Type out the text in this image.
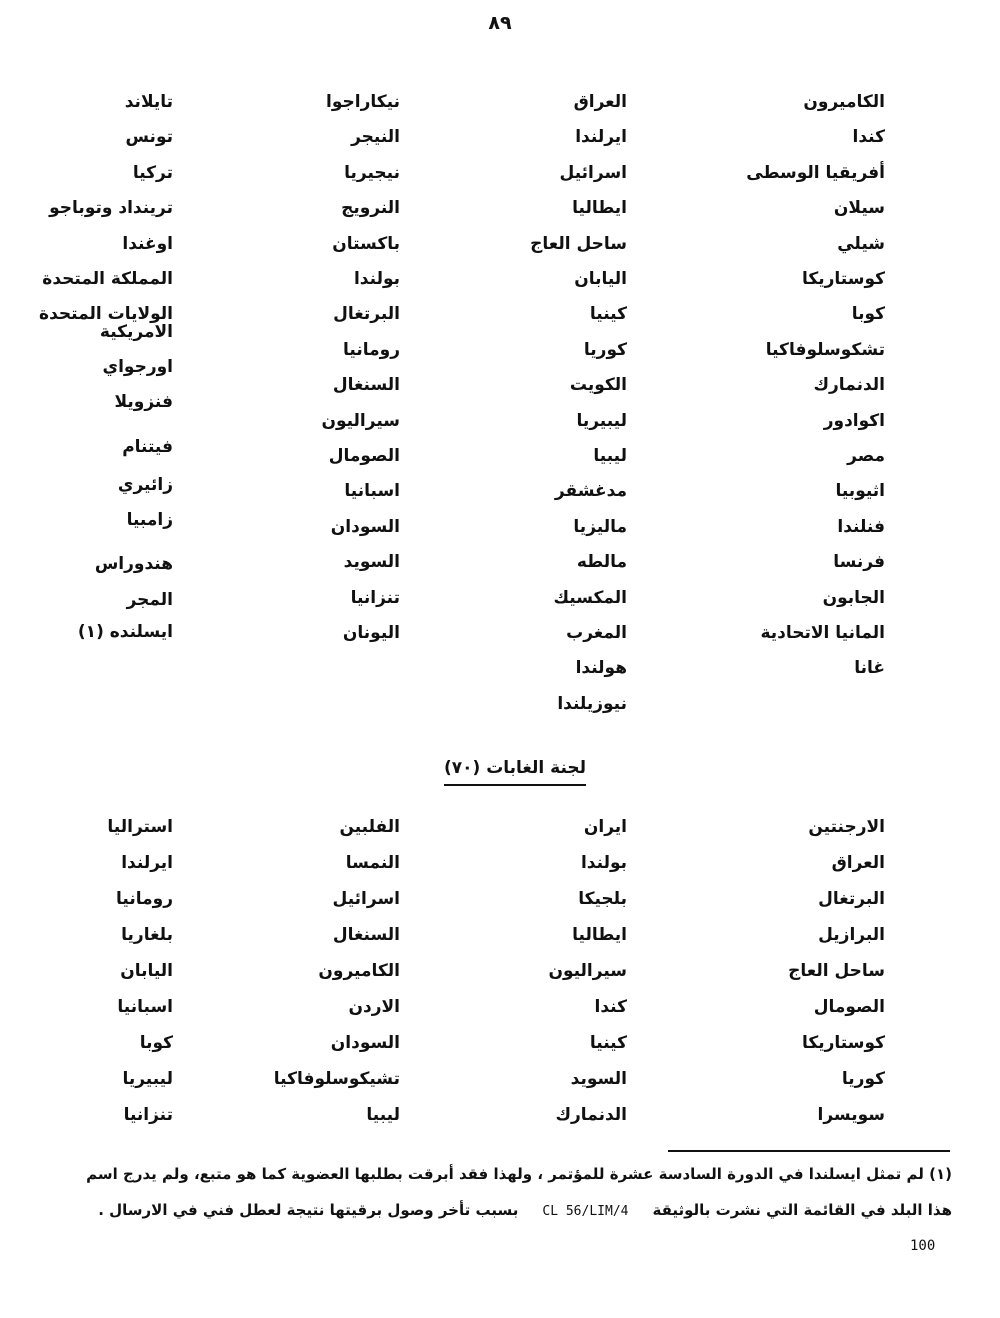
٨٩
الكاميرون
كندا
أفريقيا الوسطى
سيلان
شيلي
كوستاريكا
كوبا
تشكوسلوفاكيا
الدنمارك
اكوادور
مصر
اثيوبيا
فنلندا
فرنسا
الجابون
المانيا الاتحادية
غانا
العراق
ايرلندا
اسرائيل
ايطاليا
ساحل العاج
اليابان
كينيا
كوريا
الكويت
ليبيريا
ليبيا
مدغشقر
ماليزيا
مالطه
المكسيك
المغرب
هولندا
نيوزيلندا
نيكاراجوا
النيجر
نيجيريا
النرويج
باكستان
بولندا
البرتغال
رومانيا
السنغال
سيراليون
الصومال
اسبانيا
السودان
السويد
تنزانيا
اليونان
تايلاند
تونس
تركيا
ترينداد وتوباجو
اوغندا
المملكة المتحدة
الولايات المتحدة
الامريكية
اورجواي
فنزويلا
فيتنام
زائيري
زامبيا
هندوراس
المجر
ايسلنده (١)
لجنة الغابات (٧٠)
الارجنتين
العراق
البرتغال
البرازيل
ساحل العاج
الصومال
كوستاريكا
كوريا
سويسرا
ايران
بولندا
بلجيكا
ايطاليا
سيراليون
كندا
كينيا
السويد
الدنمارك
الفلبين
النمسا
اسرائيل
السنغال
الكاميرون
الاردن
السودان
تشيكوسلوفاكيا
ليبيا
استراليا
ايرلندا
رومانيا
بلغاريا
اليابان
اسبانيا
كوبا
ليبيريا
تنزانيا
(١) لم تمثل ايسلندا في الدورة السادسة عشرة للمؤتمر ، ولهذا فقد أبرقت بطلبها العضوية كما هو متبع، ولم يدرج اسم
هذا البلد في القائمة التي نشرت بالوثيقةCL 56/LIM/4بسبب تأخر وصول برقيتها نتيجة لعطل فني في الارسال .
100
